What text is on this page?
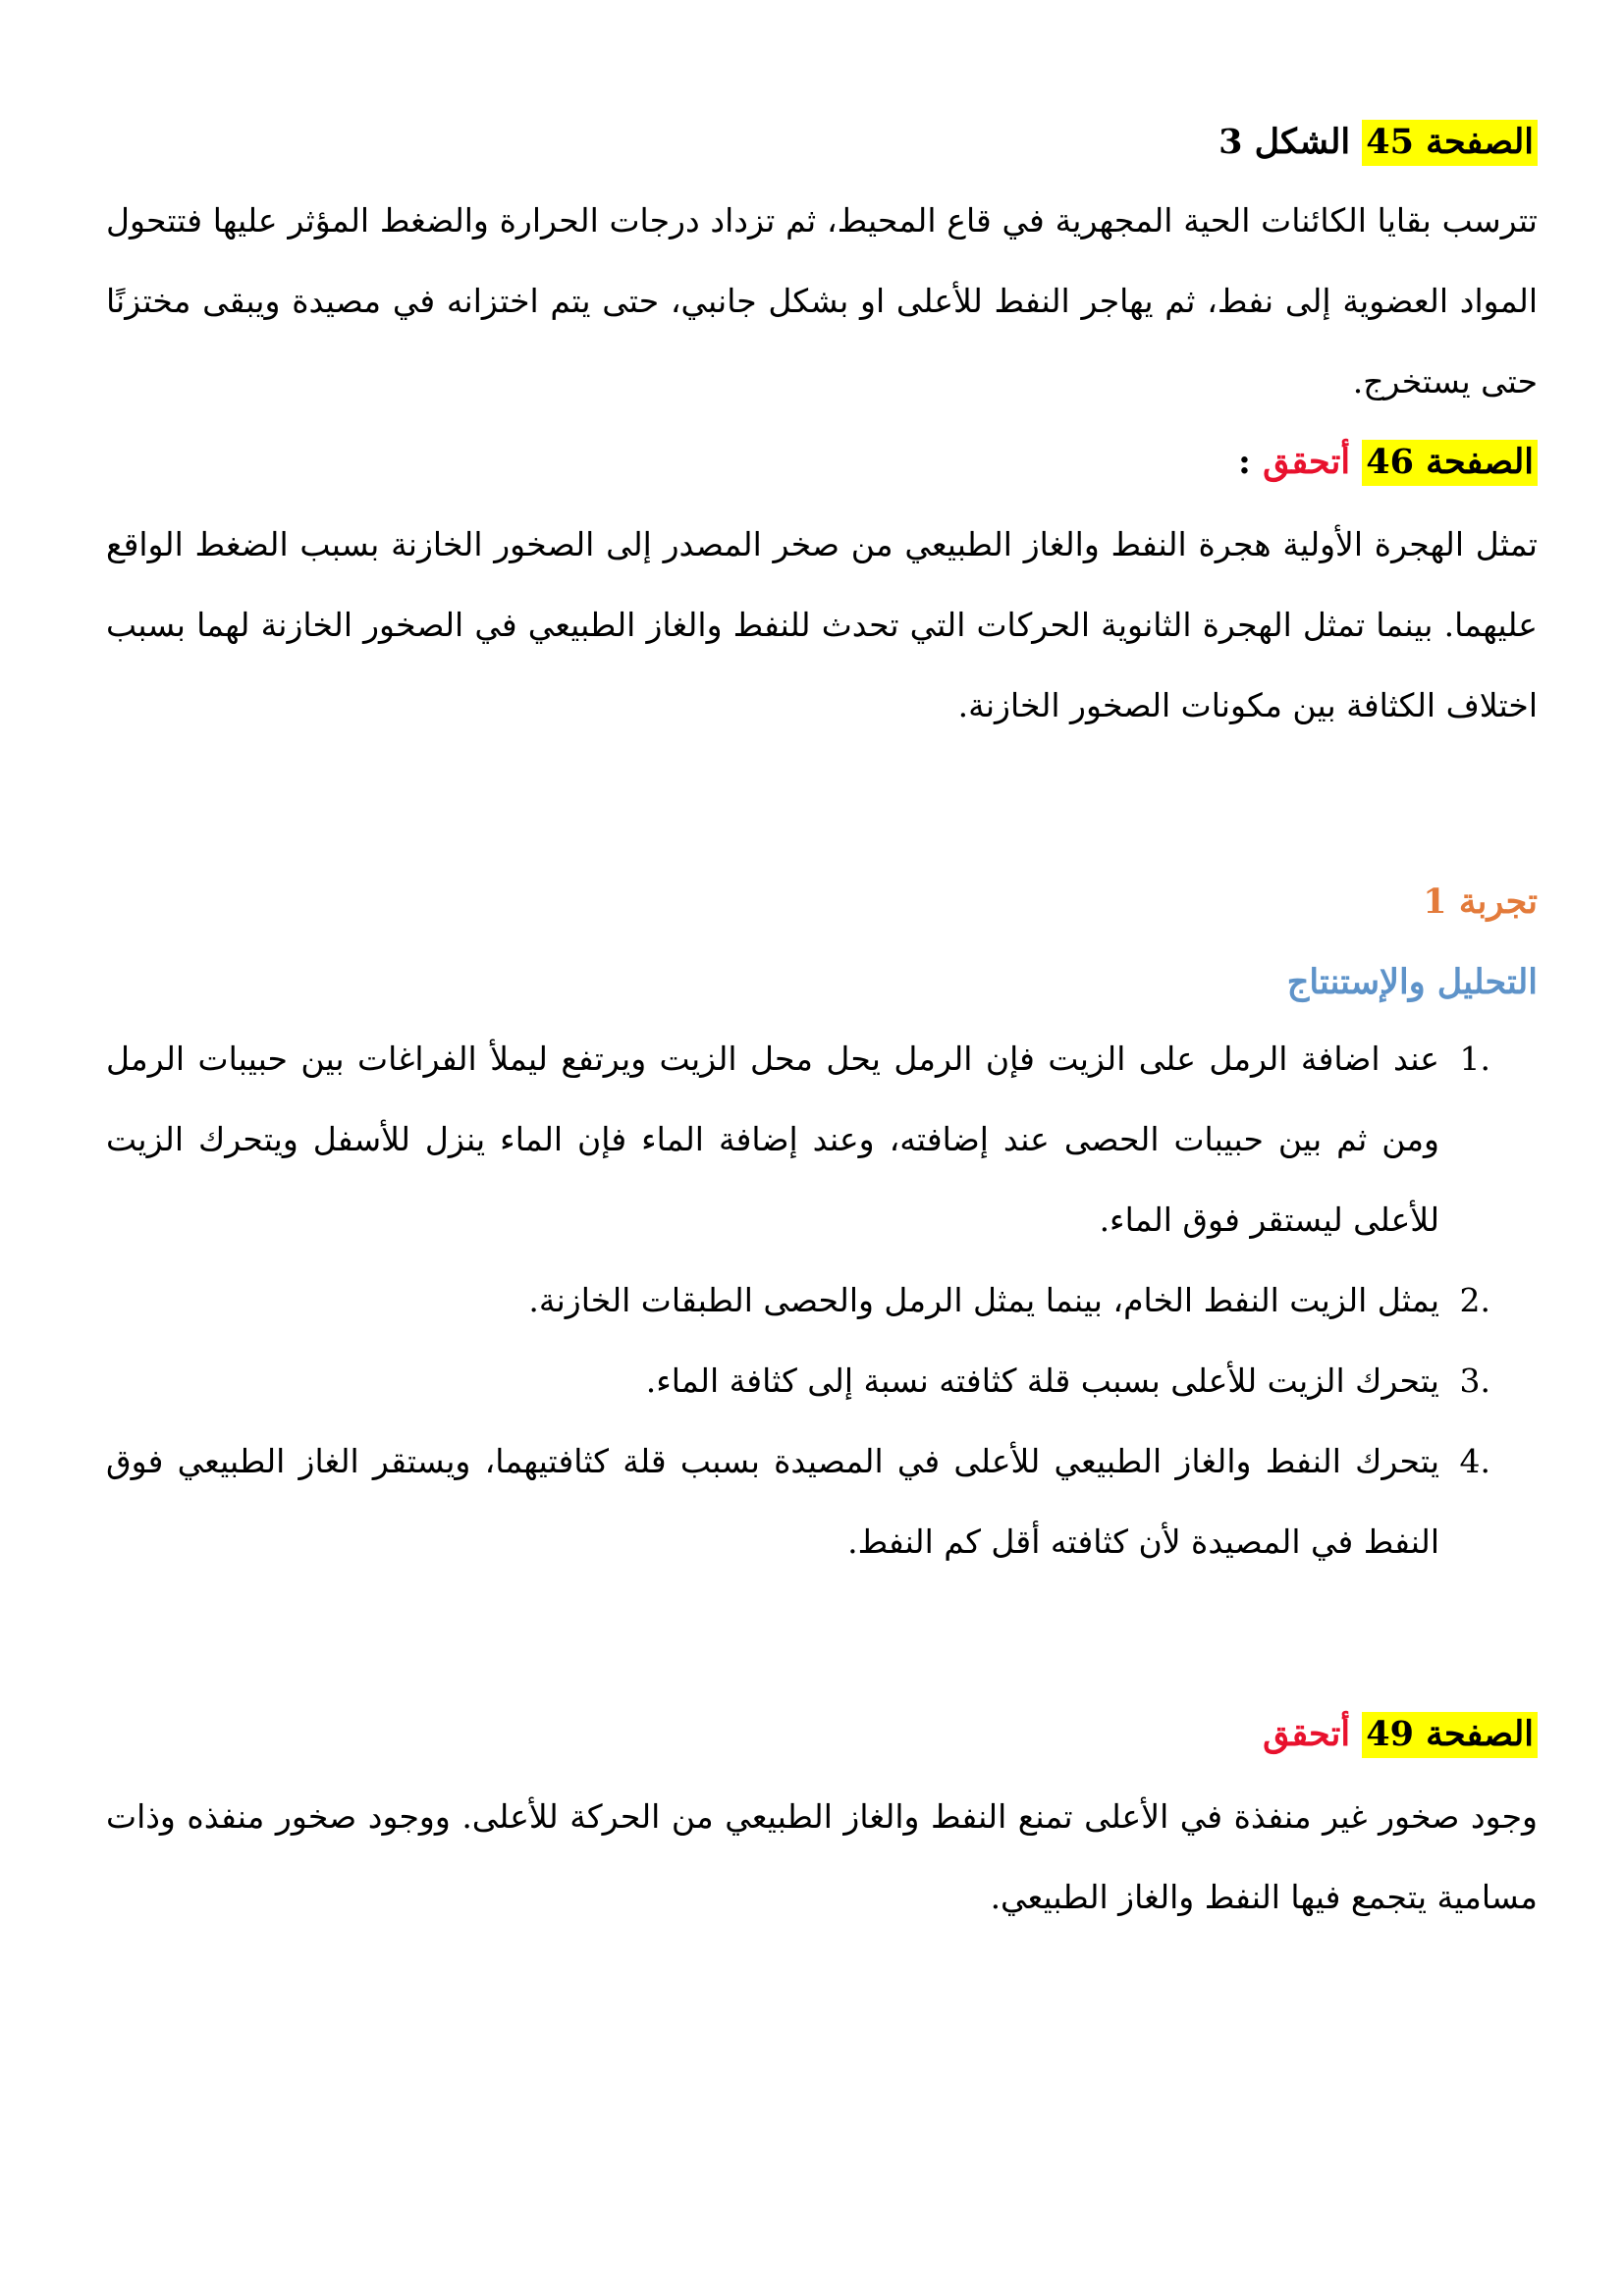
الصفحة 45 الشكل 3

تترسب بقايا الكائنات الحية المجهرية في قاع المحيط، ثم تزداد درجات الحرارة والضغط المؤثر عليها فتتحول المواد العضوية إلى نفط، ثم يهاجر النفط للأعلى او بشكل جانبي، حتى يتم اختزانه في مصيدة ويبقى مختزنًا حتى يستخرج.

الصفحة 46 أتحقق :

تمثل الهجرة الأولية هجرة النفط والغاز الطبيعي من صخر المصدر إلى الصخور الخازنة بسبب الضغط الواقع عليهما. بينما تمثل الهجرة الثانوية الحركات التي تحدث للنفط والغاز الطبيعي في الصخور الخازنة لهما بسبب اختلاف الكثافة بين مكونات الصخور الخازنة.

تجربة 1

التحليل والإستنتاج

1.
عند اضافة الرمل على الزيت فإن الرمل يحل محل الزيت ويرتفع ليملأ الفراغات بين حبيبات الرمل ومن ثم بين حبيبات الحصى عند إضافته، وعند إضافة الماء فإن الماء ينزل للأسفل ويتحرك الزيت للأعلى ليستقر فوق الماء.
2.
يمثل الزيت النفط الخام، بينما يمثل الرمل والحصى الطبقات الخازنة.
3.
يتحرك الزيت للأعلى بسبب قلة كثافته نسبة إلى كثافة الماء.
4.
يتحرك النفط والغاز الطبيعي للأعلى في المصيدة بسبب قلة كثافتيهما، ويستقر الغاز الطبيعي فوق النفط في المصيدة لأن كثافته أقل كم النفط.

الصفحة 49 أتحقق

وجود صخور غير منفذة في الأعلى تمنع النفط والغاز الطبيعي من الحركة للأعلى. ووجود صخور منفذه وذات مسامية يتجمع فيها النفط والغاز الطبيعي.
